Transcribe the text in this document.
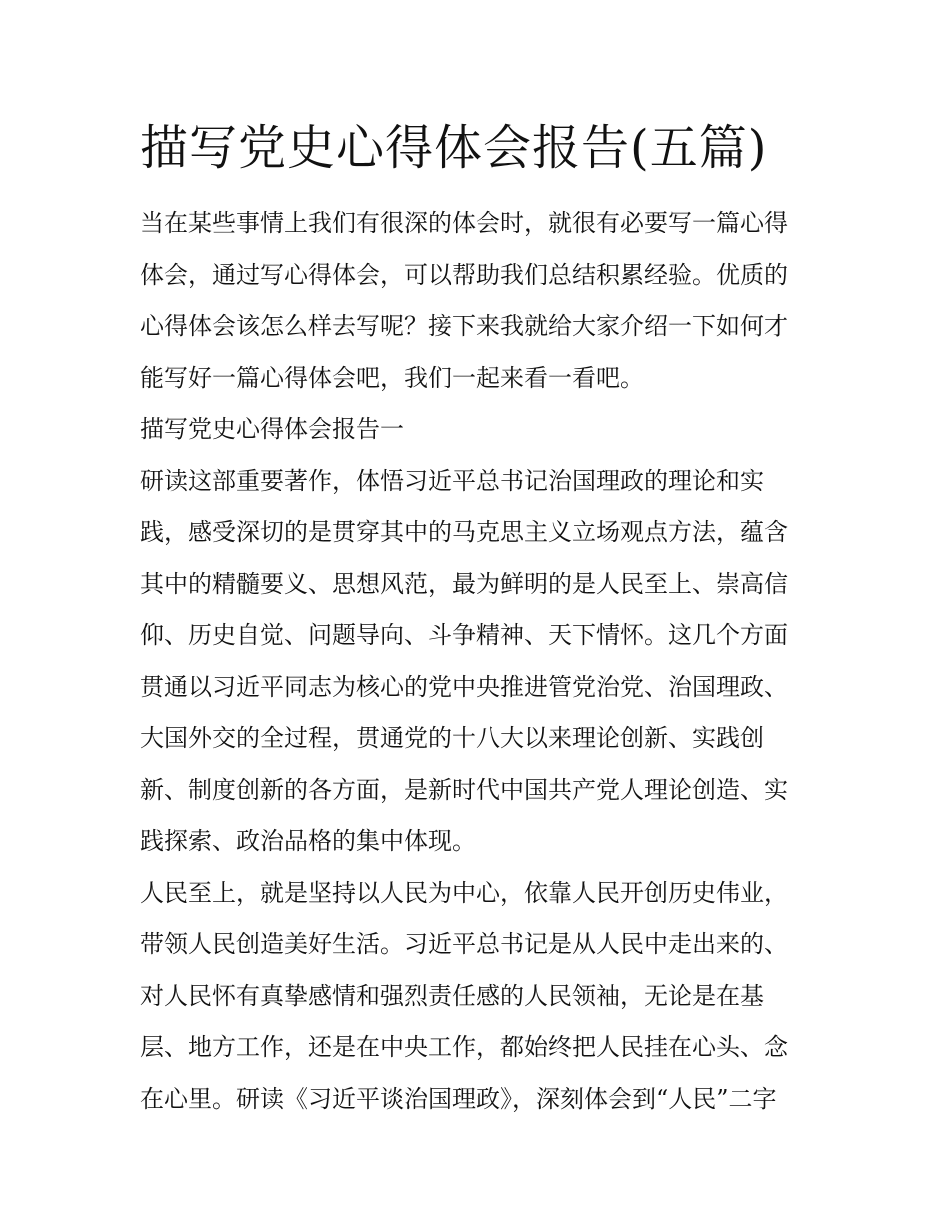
描写党史心得体会报告(五篇)

当在某些事情上我们有很深的体会时，就很有必要写一篇心得

体会，通过写心得体会，可以帮助我们总结积累经验。优质的

心得体会该怎么样去写呢？接下来我就给大家介绍一下如何才

能写好一篇心得体会吧，我们一起来看一看吧。

描写党史心得体会报告一

研读这部重要著作，体悟习近平总书记治国理政的理论和实

践，感受深切的是贯穿其中的马克思主义立场观点方法，蕴含

其中的精髓要义、思想风范，最为鲜明的是人民至上、崇高信

仰、历史自觉、问题导向、斗争精神、天下情怀。这几个方面

贯通以习近平同志为核心的党中央推进管党治党、治国理政、

大国外交的全过程，贯通党的十八大以来理论创新、实践创

新、制度创新的各方面，是新时代中国共产党人理论创造、实

践探索、政治品格的集中体现。

人民至上，就是坚持以人民为中心，依靠人民开创历史伟业，

带领人民创造美好生活。习近平总书记是从人民中走出来的、

对人民怀有真挚感情和强烈责任感的人民领袖，无论是在基

层、地方工作，还是在中央工作，都始终把人民挂在心头、念

在心里。研读《习近平谈治国理政》，深刻体会到“人民”二字
